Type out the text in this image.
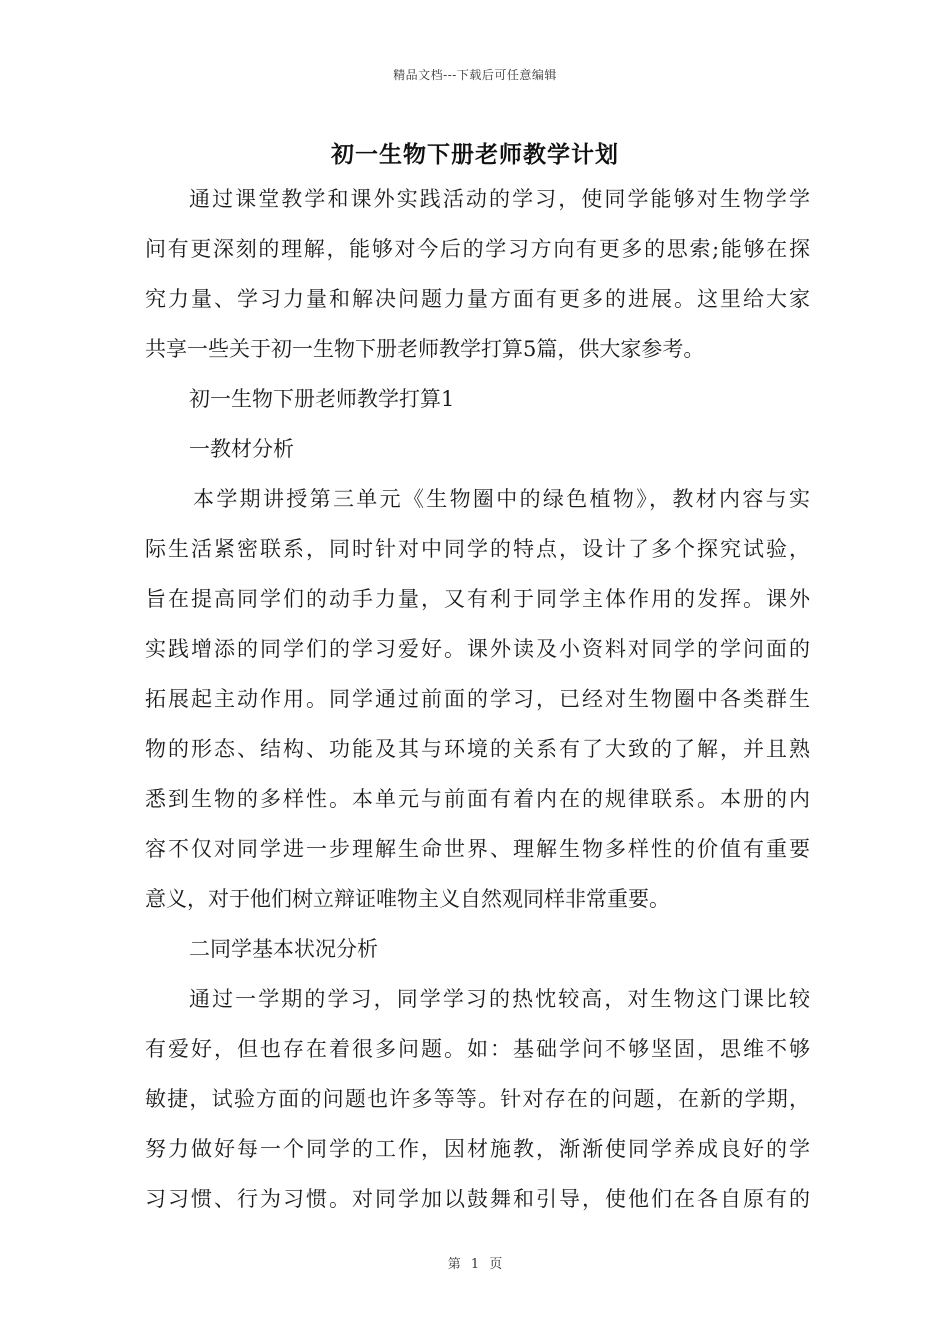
精品文档---下载后可任意编辑
初一生物下册老师教学计划
通过课堂教学和课外实践活动的学习，使同学能够对生物学学
问有更深刻的理解，能够对今后的学习方向有更多的思索;能够在探
究力量、学习力量和解决问题力量方面有更多的进展。这里给大家
共享一些关于初一生物下册老师教学打算5篇，供大家参考。
初一生物下册老师教学打算1
一教材分析
本学期讲授第三单元《生物圈中的绿色植物》，教材内容与实
际生活紧密联系，同时针对中同学的特点，设计了多个探究试验，
旨在提高同学们的动手力量，又有利于同学主体作用的发挥。课外
实践增添的同学们的学习爱好。课外读及小资料对同学的学问面的
拓展起主动作用。同学通过前面的学习，已经对生物圈中各类群生
物的形态、结构、功能及其与环境的关系有了大致的了解，并且熟
悉到生物的多样性。本单元与前面有着内在的规律联系。本册的内
容不仅对同学进一步理解生命世界、理解生物多样性的价值有重要
意义，对于他们树立辩证唯物主义自然观同样非常重要。
二同学基本状况分析
通过一学期的学习，同学学习的热忱较高，对生物这门课比较
有爱好，但也存在着很多问题。如：基础学问不够坚固，思维不够
敏捷，试验方面的问题也许多等等。针对存在的问题，在新的学期，
努力做好每一个同学的工作，因材施教，渐渐使同学养成良好的学
习习惯、行为习惯。对同学加以鼓舞和引导，使他们在各自原有的
第 1 页
